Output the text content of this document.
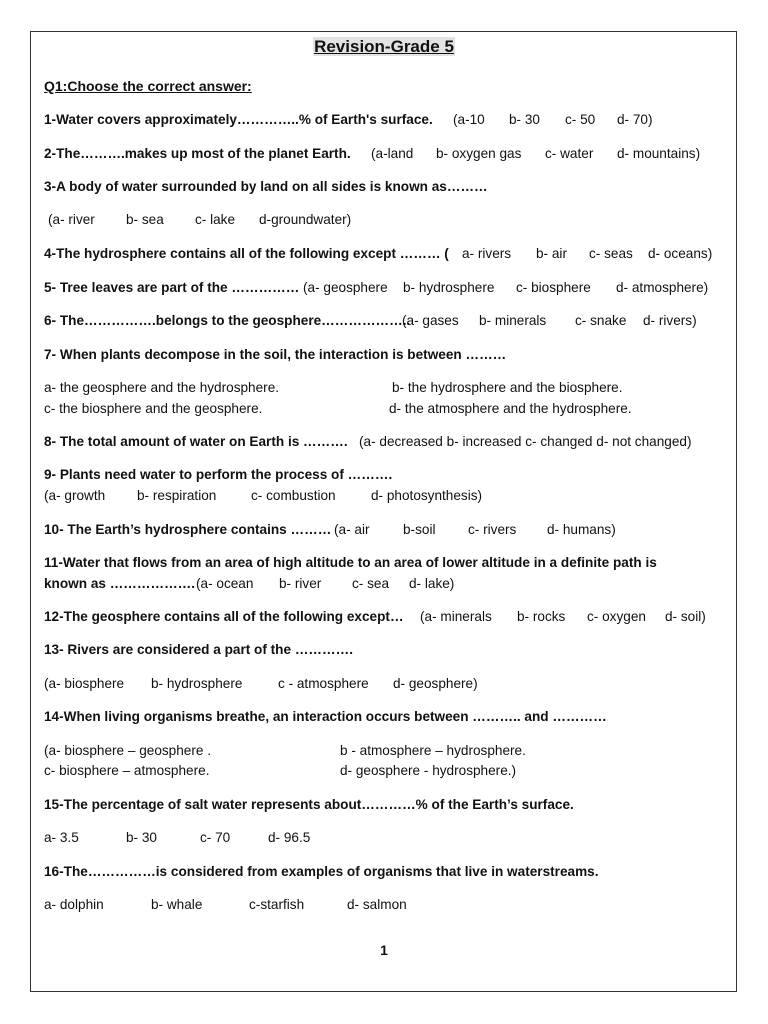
Revision-Grade 5
Q1:Choose the correct answer:
1-Water covers approximately…………..% of Earth's surface. (a-10 b- 30 c- 50 d- 70)
2-The……….makes up most of the planet Earth. (a-land b- oxygen gas c- water d- mountains)
3-A body of water surrounded by land on all sides is known as………
(a- river b- sea c- lake d-groundwater)
4-The hydrosphere contains all of the following except ……… ( a- rivers b- air c- seas d- oceans)
5- Tree leaves are part of the …………… (a- geosphere b- hydrosphere c- biosphere d- atmosphere)
6- The…………….belongs to the geosphere………………..
(a- gases b- minerals c- snake d- rivers)
7- When plants decompose in the soil, the interaction is between ………
a- the geosphere and the hydrosphere.	b- the hydrosphere and the biosphere.
c- the biosphere and the geosphere.	d- the atmosphere and the hydrosphere.
8- The total amount of water on Earth is ………. (a- decreased b- increased c- changed d- not changed)
9- Plants need water to perform the process of ……….
(a- growth b- respiration	c- combustion	d- photosynthesis)
10- The Earth’s hydrosphere contains ……… (a- air b-soil c- rivers d- humans)
11-Water that flows from an area of high altitude to an area of lower altitude in a definite path is
known as ………………. (a- ocean b- river c- sea d- lake)
12-The geosphere contains all of the following except… (a- minerals b- rocks c- oxygen d- soil)
13- Rivers are considered a part of the ………….
(a- biosphere b- hydrosphere	c - atmosphere d- geosphere)
14-When living organisms breathe, an interaction occurs between ……….. and …………
(a- biosphere – geosphere .	b - atmosphere – hydrosphere.
c- biosphere – atmosphere.	d- geosphere - hydrosphere.)
15-The percentage of salt water represents about…………% of the Earth’s surface.
a- 3.5	b- 30	c- 70	d- 96.5
16-The……………is considered from examples of organisms that live in waterstreams.
a- dolphin	b- whale	c-starfish	d- salmon
1
